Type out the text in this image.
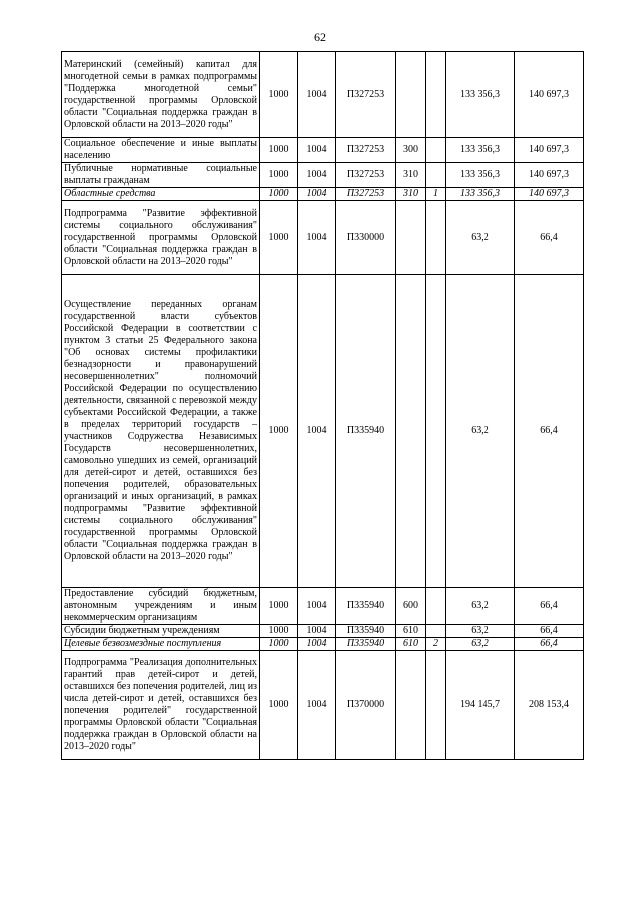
62
Материнский (семейный) капитал для многодетной семьи в рамках подпрограммы "Поддержка многодетной семьи" государственной программы Орловской области "Социальная поддержка граждан в Орловской области на 2013–2020 годы"	1000	1004	П327253			133 356,3	140 697,3
Социальное обеспечение и иные выплаты населению	1000	1004	П327253	300		133 356,3	140 697,3
Публичные нормативные социальные выплаты гражданам	1000	1004	П327253	310		133 356,3	140 697,3
Областные средства	1000	1004	П327253	310	1	133 356,3	140 697,3
Подпрограмма "Развитие эффективной системы социального обслуживания" государственной программы Орловской области "Социальная поддержка граждан в Орловской области на 2013–2020 годы"	1000	1004	П330000			63,2	66,4
Осуществление переданных органам государственной власти субъектов Российской Федерации в соответствии с пунктом 3 статьи 25 Федерального закона "Об основах системы профилактики безнадзорности и правонарушений несовершеннолетних" полномочий Российской Федерации по осуществлению деятельности, связанной с перевозкой между субъектами Российской Федерации, а также в пределах территорий государств – участников Содружества Независимых Государств несовершеннолетних, самовольно ушедших из семей, организаций для детей-сирот и детей, оставшихся без попечения родителей, образовательных организаций и иных организаций, в рамках подпрограммы "Развитие эффективной системы социального обслуживания" государственной программы Орловской области "Социальная поддержка граждан в Орловской области на 2013–2020 годы"	1000	1004	П335940			63,2	66,4
Предоставление субсидий бюджетным, автономным учреждениям и иным некоммерческим организациям	1000	1004	П335940	600		63,2	66,4
Субсидии бюджетным учреждениям	1000	1004	П335940	610		63,2	66,4
Целевые безвозмездные поступления	1000	1004	П335940	610	2	63,2	66,4
Подпрограмма "Реализация дополнительных гарантий прав детей-сирот и детей, оставшихся без попечения родителей, лиц из числа детей-сирот и детей, оставшихся без попечения родителей" государственной программы Орловской области "Социальная поддержка граждан в Орловской области на 2013–2020 годы"	1000	1004	П370000			194 145,7	208 153,4
